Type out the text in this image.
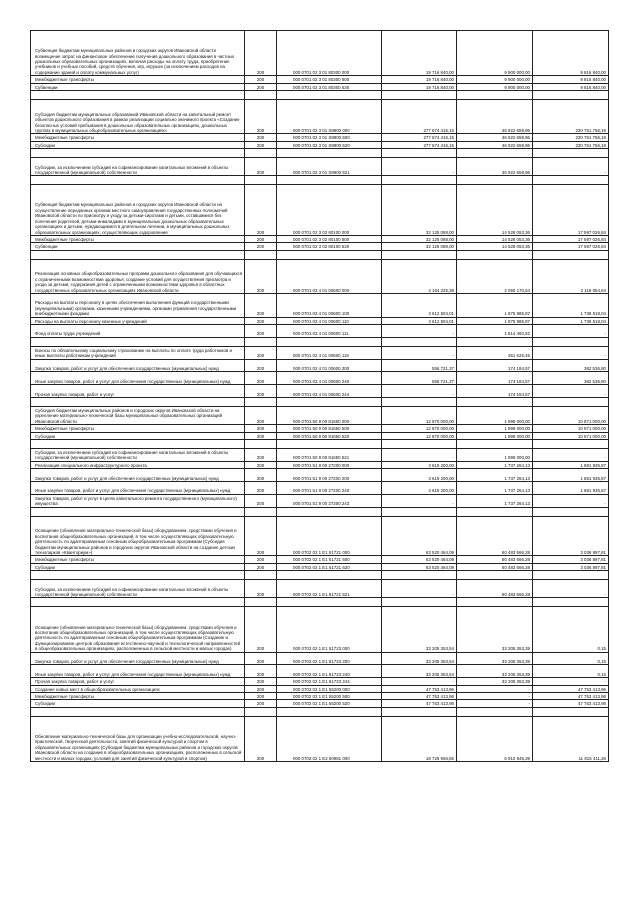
Субвенция бюджетам муниципальных районов и городских округов Ивановской области возмещение затрат на финансовое обеспечение получения дошкольного образования в частных дошкольных образовательных организациях, включая расходы на оплату труда, приобретение учебников и учебных пособий, средств обучения, игр, игрушек (за исключением расходов на содержание зданий и оплату коммунальных услуг)	200	000 0701 02 3 01 80300 000	19 716 840,00	9 900 000,00	9 816 840,00
Межбюджетные трансферты	200	000 0701 02 3 01 80300 500	19 716 840,00	9 900 000,00	9 816 840,00
Субвенции	200	000 0701 02 3 01 80300 530	19 716 840,00	9 900 000,00	9 816 840,00

Субсидия бюджетам муниципальных образований Ивановской области на капитальный ремонт объектов дошкольного образования в рамках реализации социально значимого проекта «Создание безопасных условий пребывания в дошкольных образовательных организациях, дошкольных группах в муниципальных общеобразовательных организациях»	200	000 0701 02 3 01 S8900 000	277 674 416,15	46 922 659,96	230 751 756,19
Межбюджетные трансферты	200	000 0701 02 3 01 S8900 500	277 674 416,15	46 922 659,96	230 751 756,19
Субсидии	200	000 0701 02 3 01 S8900 520	277 674 416,15	46 922 659,96	230 751 756,19

Субсидии, за исключением субсидий на софинансирование капитальных вложений в объекты государственной (муниципальной) собственности	200	000 0701 02 3 01 S8900 521	-	46 922 659,96	-

Субвенция бюджетам муниципальных районов и городских округов Ивановской области на осуществление переданных органам местного самоуправления государственных полномочий Ивановской области по присмотру и уходу за детьми-сиротами и детьми, оставшимися без попечения родителей, детьми-инвалидами в муниципальных дошкольных образовательных организациях и детьми, нуждающимися в длительном лечении, в муниципальных дошкольных образовательных организациях, осуществляющих оздоровление	200	000 0701 02 3 02 80100 000	32 125 088,00	14 528 053,36	17 597 026,84
Межбюджетные трансферты	200	000 0701 02 3 02 80100 500	32 125 088,00	14 528 053,36	17 597 026,84
Субвенции	200	000 0701 02 3 02 80100 530	32 125 088,00	14 528 053,36	17 597 026,84

Реализация основных общеобразовательных программ дошкольного образования для обучающихся с ограниченными возможностями здоровья, создание условий для осуществления присмотра и ухода за детьми, содержания детей с ограниченными возможностями здоровья в областных государственных образовательных организациях Ивановской области	200	000 0701 02 4 01 00600 000	4 164 225,38	2 050 170,54	2 119 054,84
Расходы на выплаты персоналу в целях обеспечения выполнения функций государственными (муниципальными) органами, казенными учреждениями, органами управления государственными внебюджетными фондами	200	000 0701 02 4 01 00600 100	3 612 504,01	1 875 985,97	1 736 518,04
Расходы на выплаты персоналу казенных учреждений	200	000 0701 02 4 01 00600 110	3 612 504,01	1 875 985,97	1 736 518,04
Фонд оплаты труда учреждений	200	000 0701 02 4 01 00600 111	-	1 514 460,52	-

Взносы по обязательному социальному страхованию на выплаты по оплате труда работников и иные выплаты работникам учреждений	200	000 0701 02 4 01 00600 119	-	361 525,45	-
Закупка товаров, работ и услуг для обеспечения государственных (муниципальных) нужд	200	000 0701 02 4 01 00600 200	556 721,37	174 184,57	382 536,80
Иные закупки товаров, работ и услуг для обеспечения государственных (муниципальных) нужд	200	000 0701 02 4 01 00600 240	556 721,37	174 184,57	382 536,80
Прочая закупка товаров, работ и услуг	200	000 0701 02 4 01 00600 244	-	174 184,57	-

Субсидия бюджетам муниципальных районов и городских округов Ивановской области на укрепление материально-технической базы муниципальных образовательных организаций Ивановской области	200	000 0701 50 9 00 81650 000	12 870 000,00	1 999 000,00	10 871 000,00
Межбюджетные трансферты	200	000 0701 50 9 00 81650 500	12 870 000,00	1 999 000,00	10 871 000,00
Субсидии	200	000 0701 50 9 00 81650 520	12 870 000,00	1 999 000,00	10 871 000,00

Субсидии, за исключением субсидий на софинансирование капитальных вложений в объекты государственной (муниципальной) собственности	200	000 0701 50 9 00 81650 521	-	1 999 000,00	-
Реализация специального инфраструктурного проекта	200	000 0701 51 9 00 27200 000	3 619 200,00	1 737 264,13	1 881 935,87
Закупка товаров, работ и услуг для обеспечения государственных (муниципальных) нужд	200	000 0701 51 9 00 27200 200	3 619 200,00	1 737 264,13	1 881 935,87
Иные закупки товаров, работ и услуг для обеспечения государственных (муниципальных) нужд	200	000 0701 51 9 00 27200 240	3 619 200,00	1 737 264,13	1 881 935,87
Закупка товаров, работ и услуг в целях капитального ремонта государственного (муниципального) имущества	200	000 0701 51 9 00 27200 243	-	1 737 264,13	-

Оснащение (обновление материально-технической базы) оборудованием, средствами обучения и воспитания общеобразовательных организаций, в том числе осуществляющих образовательную деятельность по адаптированным основным общеобразовательным программам (Субсидия бюджетам муниципальных районов и городских округов Ивановской области на создание детских технопарков «Кванториум»)	200	000 0702 02 1 E1 51721 000	63 520 464,09	60 483 566,28	3 036 897,81
Межбюджетные трансферты	200	000 0702 02 1 E1 51721 500	63 520 464,09	60 483 566,28	3 036 897,81
Субсидии	200	000 0702 02 1 E1 51721 520	63 520 464,09	60 483 566,28	3 036 897,81

Субсидии, за исключением субсидий на софинансирование капитальных вложений в объекты государственной (муниципальной) собственности	200	000 0702 02 1 E1 51721 521	-	60 483 566,28	-

Оснащение (обновление материально-технической базы) оборудованием, средствами обучения и воспитания общеобразовательных организаций, в том числе осуществляющих образовательную деятельность по адаптированным основным общеобразовательным программам (Создание и функционирование центров образования естественно-научной и технологической направленностей в общеобразовательных организациях, расположенных в сельской местности и малых городах)	200	000 0702 02 1 E1 51723 000	33 205 353,54	33 205 353,39	0,15
Закупка товаров, работ и услуг для обеспечения государственных (муниципальных) нужд	200	000 0702 02 1 E1 51723 200	33 205 353,54	33 205 353,39	0,15
Иные закупки товаров, работ и услуг для обеспечения государственных (муниципальных) нужд	200	000 0702 02 1 E1 51723 240	33 205 353,54	33 205 353,39	0,15
Прочая закупка товаров, работ и услуг	200	000 0702 02 1 E1 51723 244	-	33 205 353,39	-
Создание новых мест в общеобразовательных организациях	200	000 0702 02 1 E1 55200 000	47 753 413,96	-	47 753 413,96
Межбюджетные трансферты	200	000 0702 02 1 E1 55200 500	47 753 413,96	-	47 753 413,96
Субсидии	200	000 0702 02 1 E1 55200 520	47 753 413,96	-	47 753 413,96

Обновление материально-технической базы для организации учебно-исследовательской, научно-практической, творческой деятельности, занятий физической культурой и спортом в образовательных организациях (Субсидия бюджетам муниципальных районов и городских округов Ивановской области на создание в общеобразовательных организациях, расположенных в сельской местности и малых городах, условий для занятий физической культурой и спортом)	200	000 0702 02 1 E2 50981 000	18 725 956,65	6 910 545,39	11 815 411,26
